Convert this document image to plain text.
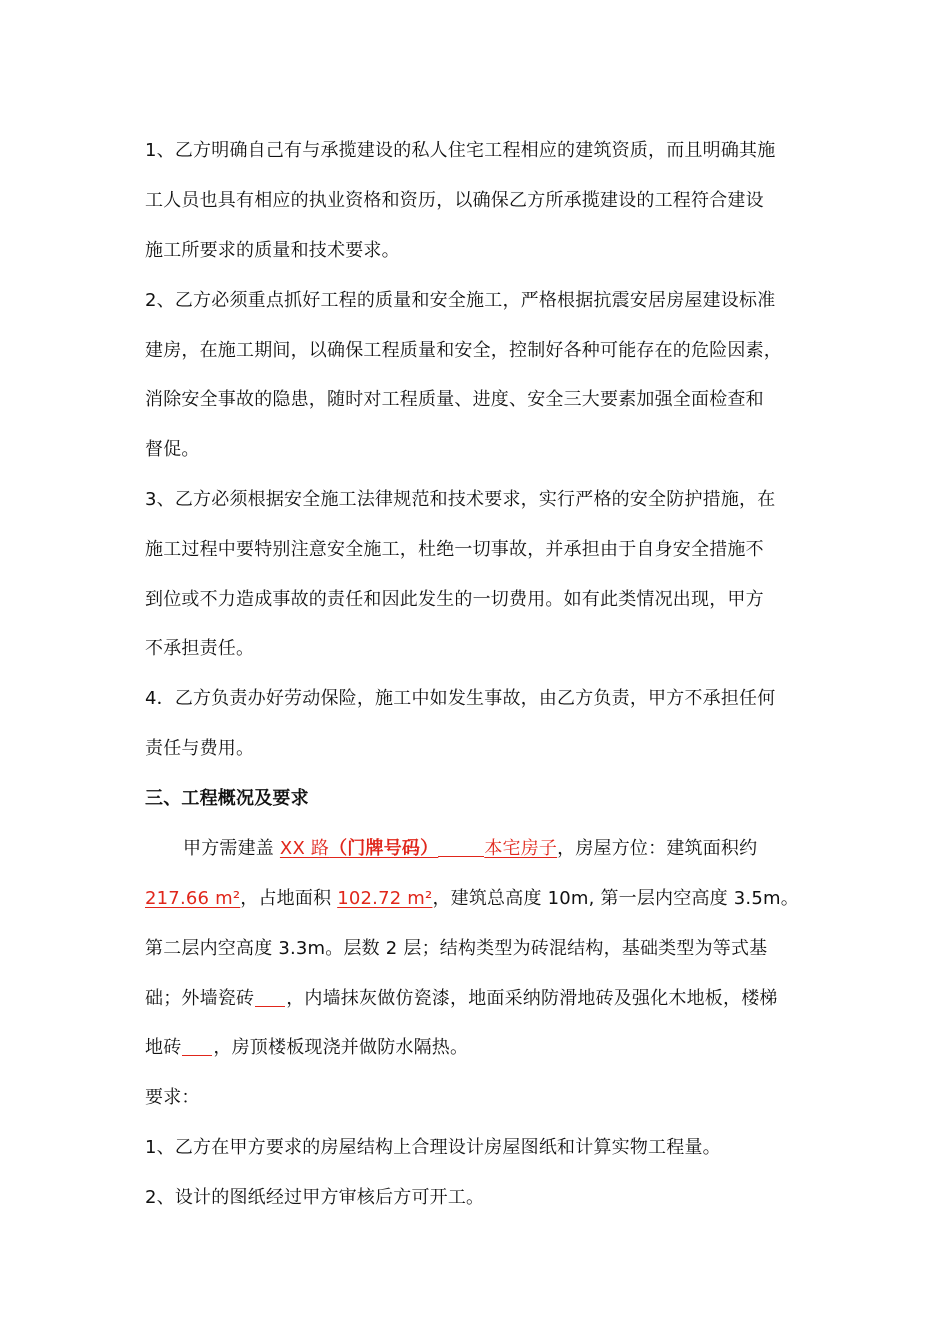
1、乙方明确自己有与承揽建设的私人住宅工程相应的建筑资质，而且明确其施
工人员也具有相应的执业资格和资历，以确保乙方所承揽建设的工程符合建设
施工所要求的质量和技术要求。
2、乙方必须重点抓好工程的质量和安全施工，严格根据抗震安居房屋建设标准
建房，在施工期间，以确保工程质量和安全，控制好各种可能存在的危险因素，
消除安全事故的隐患，随时对工程质量、进度、安全三大要素加强全面检查和
督促。
3、乙方必须根据安全施工法律规范和技术要求，实行严格的安全防护措施，在
施工过程中要特别注意安全施工，杜绝一切事故，并承担由于自身安全措施不
到位或不力造成事故的责任和因此发生的一切费用。如有此类情况出现，甲方
不承担责任。
4．乙方负责办好劳动保险，施工中如发生事故，由乙方负责，甲方不承担任何
责任与费用。
三、工程概况及要求
甲方需建盖 XX 路（门牌号码）	本宅房子，房屋方位：建筑面积约
217.66 m²，占地面积 102.72 m²，建筑总高度 10m, 第一层内空高度 3.5m。
第二层内空高度 3.3m。层数 2 层；结构类型为砖混结构，基础类型为等式基
础；外墙瓷砖 ，内墙抹灰做仿瓷漆，地面采纳防滑地砖及强化木地板，楼梯
地砖 ，房顶楼板现浇并做防水隔热。
要求：
1、乙方在甲方要求的房屋结构上合理设计房屋图纸和计算实物工程量。
2、设计的图纸经过甲方审核后方可开工。
